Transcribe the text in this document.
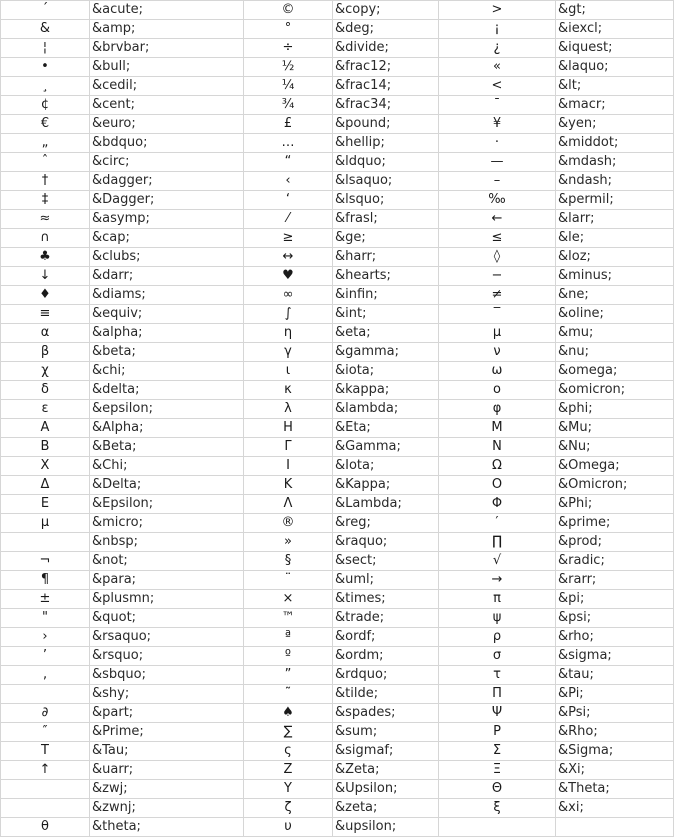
´	&acute;	©	&copy;	>	&gt;
&	&amp;	°	&deg;	¡	&iexcl;
¦	&brvbar;	÷	&divide;	¿	&iquest;
•	&bull;	½	&frac12;	«	&laquo;
¸	&cedil;	¼	&frac14;	<	&lt;
¢	&cent;	¾	&frac34;	¯	&macr;
€	&euro;	£	&pound;	¥	&yen;
„	&bdquo;	…	&hellip;	·	&middot;
ˆ	&circ;	“	&ldquo;	—	&mdash;
†	&dagger;	‹	&lsaquo;	–	&ndash;
‡	&Dagger;	‘	&lsquo;	‰	&permil;
≈	&asymp;	⁄	&frasl;	←	&larr;
∩	&cap;	≥	&ge;	≤	&le;
♣	&clubs;	↔	&harr;	◊	&loz;
↓	&darr;	♥	&hearts;	−	&minus;
♦	&diams;	∞	&infin;	≠	&ne;
≡	&equiv;	∫	&int;	‾	&oline;
α	&alpha;	η	&eta;	μ	&mu;
β	&beta;	γ	&gamma;	ν	&nu;
χ	&chi;	ι	&iota;	ω	&omega;
δ	&delta;	κ	&kappa;	ο	&omicron;
ε	&epsilon;	λ	&lambda;	φ	&phi;
Α	&Alpha;	Η	&Eta;	Μ	&Mu;
Β	&Beta;	Γ	&Gamma;	Ν	&Nu;
Χ	&Chi;	Ι	&Iota;	Ω	&Omega;
Δ	&Delta;	Κ	&Kappa;	Ο	&Omicron;
Ε	&Epsilon;	Λ	&Lambda;	Φ	&Phi;
µ	&micro;	®	&reg;	′	&prime;
	&nbsp;	»	&raquo;	∏	&prod;
¬	&not;	§	&sect;	√	&radic;
¶	&para;	¨	&uml;	→	&rarr;
±	&plusmn;	×	&times;	π	&pi;
"	&quot;	™	&trade;	ψ	&psi;
›	&rsaquo;	ª	&ordf;	ρ	&rho;
’	&rsquo;	º	&ordm;	σ	&sigma;
‚	&sbquo;	”	&rdquo;	τ	&tau;
	&shy;	˜	&tilde;	Π	&Pi;
∂	&part;	♠	&spades;	Ψ	&Psi;
″	&Prime;	∑	&sum;	Ρ	&Rho;
Τ	&Tau;	ς	&sigmaf;	Σ	&Sigma;
↑	&uarr;	Ζ	&Zeta;	Ξ	&Xi;
	&zwj;	Υ	&Upsilon;	Θ	&Theta;
	&zwnj;	ζ	&zeta;	ξ	&xi;
θ	&theta;	υ	&upsilon;		
